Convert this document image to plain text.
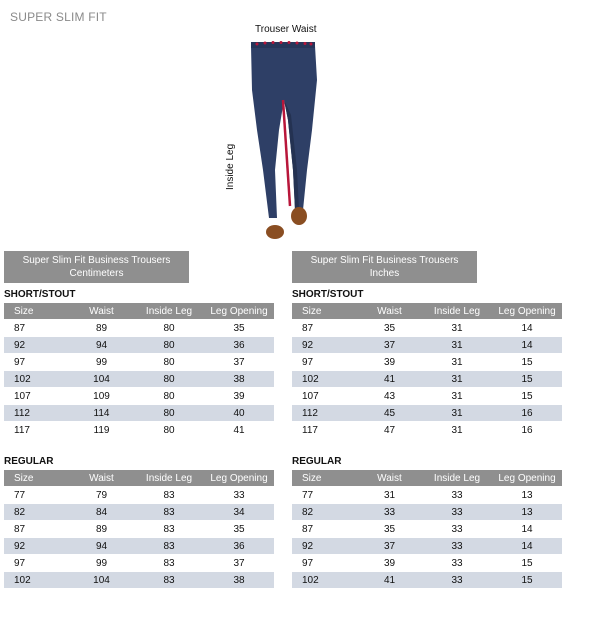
SUPER SLIM FIT
Trouser Waist
Inside Leg
Super Slim Fit Business Trousers
Centimeters
Super Slim Fit Business Trousers
Inches
SHORT/STOUT	SHORT/STOUT
REGULAR	REGULAR
Size	Waist	Inside Leg	Leg Opening
87	89	80	35
92	94	80	36
97	99	80	37
102	104	80	38
107	109	80	39
112	114	80	40
117	119	80	41
Size	Waist	Inside Leg	Leg Opening
87	35	31	14
92	37	31	14
97	39	31	15
102	41	31	15
107	43	31	15
112	45	31	16
117	47	31	16
Size	Waist	Inside Leg	Leg Opening
77	79	83	33
82	84	83	34
87	89	83	35
92	94	83	36
97	99	83	37
102	104	83	38
Size	Waist	Inside Leg	Leg Opening
77	31	33	13
82	33	33	13
87	35	33	14
92	37	33	14
97	39	33	15
102	41	33	15
